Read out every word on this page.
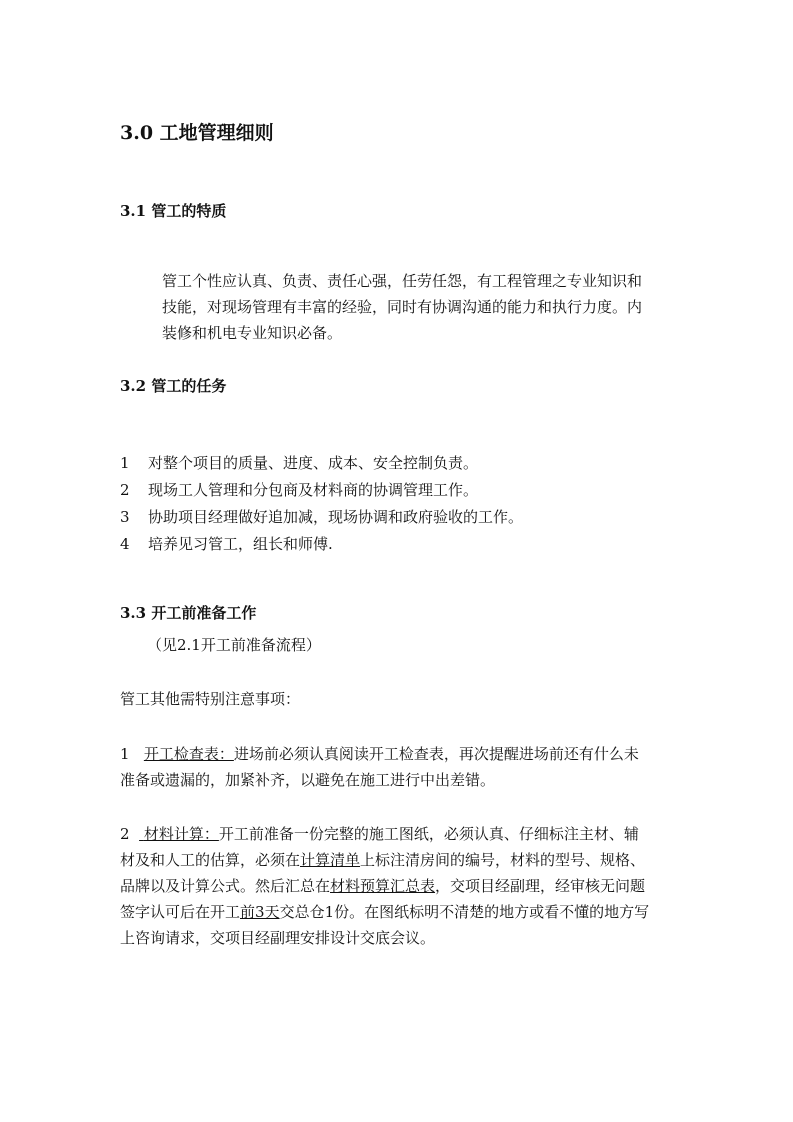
3.0 工地管理细则
3.1 管工的特质
管工个性应认真、负责、责任心强，任劳任怨，有工程管理之专业知识和
技能，对现场管理有丰富的经验，同时有协调沟通的能力和执行力度。内
装修和机电专业知识必备。
3.2 管工的任务
1 对整个项目的质量、进度、成本、安全控制负责。
2 现场工人管理和分包商及材料商的协调管理工作。
3 协助项目经理做好追加减，现场协调和政府验收的工作。
4 培养见习管工，组长和师傅.
3.3 开工前准备工作
（见2.1开工前准备流程）
管工其他需特别注意事项：
1 开工检查表：进场前必须认真阅读开工检查表，再次提醒进场前还有什么未
准备或遗漏的，加紧补齐，以避免在施工进行中出差错。
2 材料计算：开工前准备一份完整的施工图纸，必须认真、仔细标注主材、辅
材及和人工的估算，必须在计算清单上标注清房间的编号，材料的型号、规格、
品牌以及计算公式。然后汇总在材料预算汇总表，交项目经副理，经审核无问题
签字认可后在开工前3天交总仓1份。在图纸标明不清楚的地方或看不懂的地方写
上咨询请求，交项目经副理安排设计交底会议。
